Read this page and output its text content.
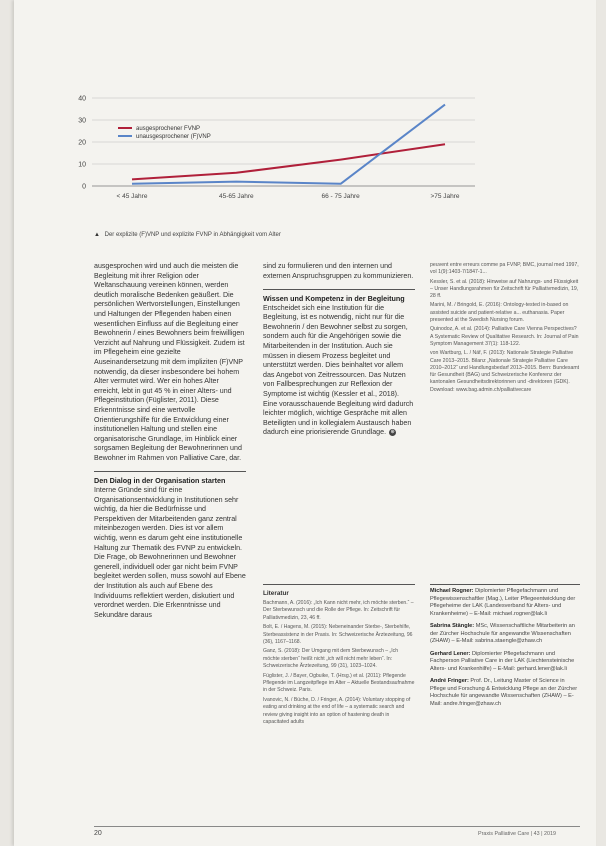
0
10
20
30
40
< 45 Jahre	45-65 Jahre	66 - 75 Jahre	>75 Jahre
ausgesprochener FVNP
unausgesprochener (F)VNP
▲ Der explizite (F)VNP und explizite FVNP in Abhängigkeit vom Alter

ausgesprochen wird und auch die meisten die Begleitung mit ihrer Religion oder Weltanschauung vereinen können, werden deutlich moralische Bedenken geäußert. Die persönlichen Wertvorstellungen, Einstellungen und Haltungen der Pflegenden haben einen wesentlichen Einfluss auf die Begleitung einer Bewohnerin / eines Bewohners beim freiwilligen Verzicht auf Nahrung und Flüssigkeit. Zudem ist im Pflegeheim eine gezielte Auseinandersetzung mit dem impliziten (F)VNP notwendig, da dieser insbesondere bei hohem Alter vermutet wird. Wer ein hohes Alter erreicht, lebt in gut 45 % in einer Alters- und Pflegeinstitution (Füglister, 2011). Diese Erkenntnisse sind eine wertvolle Orientierungshilfe für die Entwicklung einer institutionellen Haltung und stellen eine organisatorische Grundlage, im Hinblick einer sorgsamen Begleitung der Bewohnerinnen und Bewohner im Rahmen von Palliative Care, dar.

Den Dialog in der Organisation starten

Interne Gründe sind für eine Organisationsentwicklung in Institutionen sehr wichtig, da hier die Bedürfnisse und Perspektiven der Mitarbeitenden ganz zentral miteinbezogen werden. Dies ist vor allem wichtig, wenn es darum geht eine institutionelle Haltung zur Thematik des FVNP zu entwickeln. Die Frage, ob Bewohnerinnen und Bewohner generell, individuell oder gar nicht beim FVNP begleitet werden sollen, muss sowohl auf Ebene der Institution als auch auf Ebene des Individuums reflektiert werden, diskutiert und verordnet werden. Die Erkenntnisse und Sekundäre daraus

sind zu formulieren und den internen und externen Anspruchsgruppen zu kommunizieren.

Wissen und Kompetenz in der Begleitung

Entscheidet sich eine Institution für die Begleitung, ist es notwendig, nicht nur für die Bewohnerin / den Bewohner selbst zu sorgen, sondern auch für die Angehörigen sowie die Mitarbeitenden in der Institution. Auch sie müssen in diesem Prozess begleitet und unterstützt werden. Dies beinhaltet vor allem das Angebot von Zeitressourcen. Das Nutzen von Fallbesprechungen zur Reflexion der Symptome ist wichtig (Kessler et al., 2018). Eine vorausschauende Begleitung wird dadurch leichter möglich, wichtige Gespräche mit allen Beteiligten und in kollegialem Austausch haben dadurch eine priorisierende Grundlage. ⊕

peuvent entre erreurs comme pa FVNP, BMC, journal med 1997, vol 1(9):1403-7/1847-1...
Kessler, S. et al. (2018): Hinweise auf Nahrungs- und Flüssigkeit – Unser Handlungsrahmen für Zeitschrift für Palliativmedizin, 19, 28 ff.
Marini, M. / Bringold, E. (2016): Ontology-tested in-based on assisted suicide and patient-relative a... euthanasia. Paper presented at the Swedish Nursing forum.
Quinodoz, A. et al. (2014): Palliative Care Vienna Perspectives? A Systematic Review of Qualitative Research. In: Journal of Pain Symptom Management 37(1): 118-122.
von Wartburg, L. / Näf, F. (2013): Nationale Strategie Palliative Care 2013–2015. Bilanz „Nationale Strategie Palliative Care 2010–2012“ und Handlungsbedarf 2013–2015. Bern: Bundesamt für Gesundheit (BAG) und Schweizerische Konferenz der kantonalen Gesundheitsdirektorinnen und -direktoren (GDK). Download: www.bag.admin.ch/palliativecare
Literatur
Bachmann, A. (2016): „Ich Kann nicht mehr, ich möchte sterben.“ – Der Sterbewunsch und die Rolle der Pflege. In: Zeitschrift für Palliativmedizin, 23, 46 ff.
Bolt, E. / Hagens, M. (2015): Nebeneinander Sterbe-, Sterbehilfe, Sterbeassistenz in der Praxis. In: Schweizerische Ärztezeitung, 96 (36), 1167–1168.
Ganz, S. (2018): Der Umgang mit dem Sterbewunsch – „Ich möchte sterben“ heißt nicht „ich will nicht mehr leben“. In: Schweizerische Ärztezeitung, 99 (31), 1023–1024.
Füglister, J. / Bayer, Ogbuike, T. (Hrsg.) et al. (2011): Pflegende Pflegende im Langzeitpflege im Alter – Aktuelle Bestandsaufnahme in der Schweiz. Paris.
Ivanovic, N. / Büche, D. / Fringer, A. (2014): Voluntary stopping of eating and drinking at the end of life – a systematic search and review giving insight into an option of hastening death in capacitated adults
Michael Rogner: Diplomierter Pflegefachmann und Pflegewissenschaftler (Mag.), Leiter Pflegeentwicklung der Pflegeheime der LAK (Landesverband für Alters- und Krankenheime) – E-Mail: michael.rogner@lak.li
Sabrina Stängle: MSc, Wissenschaftliche Mitarbeiterin an der Zürcher Hochschule für angewandte Wissenschaften (ZHAW) – E-Mail: sabrina.staengle@zhaw.ch
Gerhard Lener: Diplomierter Pflegefachmann und Fachperson Palliative Care in der LAK (Liechtensteinische Alters- und Krankenhilfe) – E-Mail: gerhard.lener@lak.li
André Fringer: Prof. Dr., Leitung Master of Science in Pflege und Forschung & Entwicklung Pflege an der Zürcher Hochschule für angewandte Wissenschaften (ZHAW) – E-Mail: andre.fringer@zhaw.ch
20	Praxis Palliative Care | 43 | 2019
